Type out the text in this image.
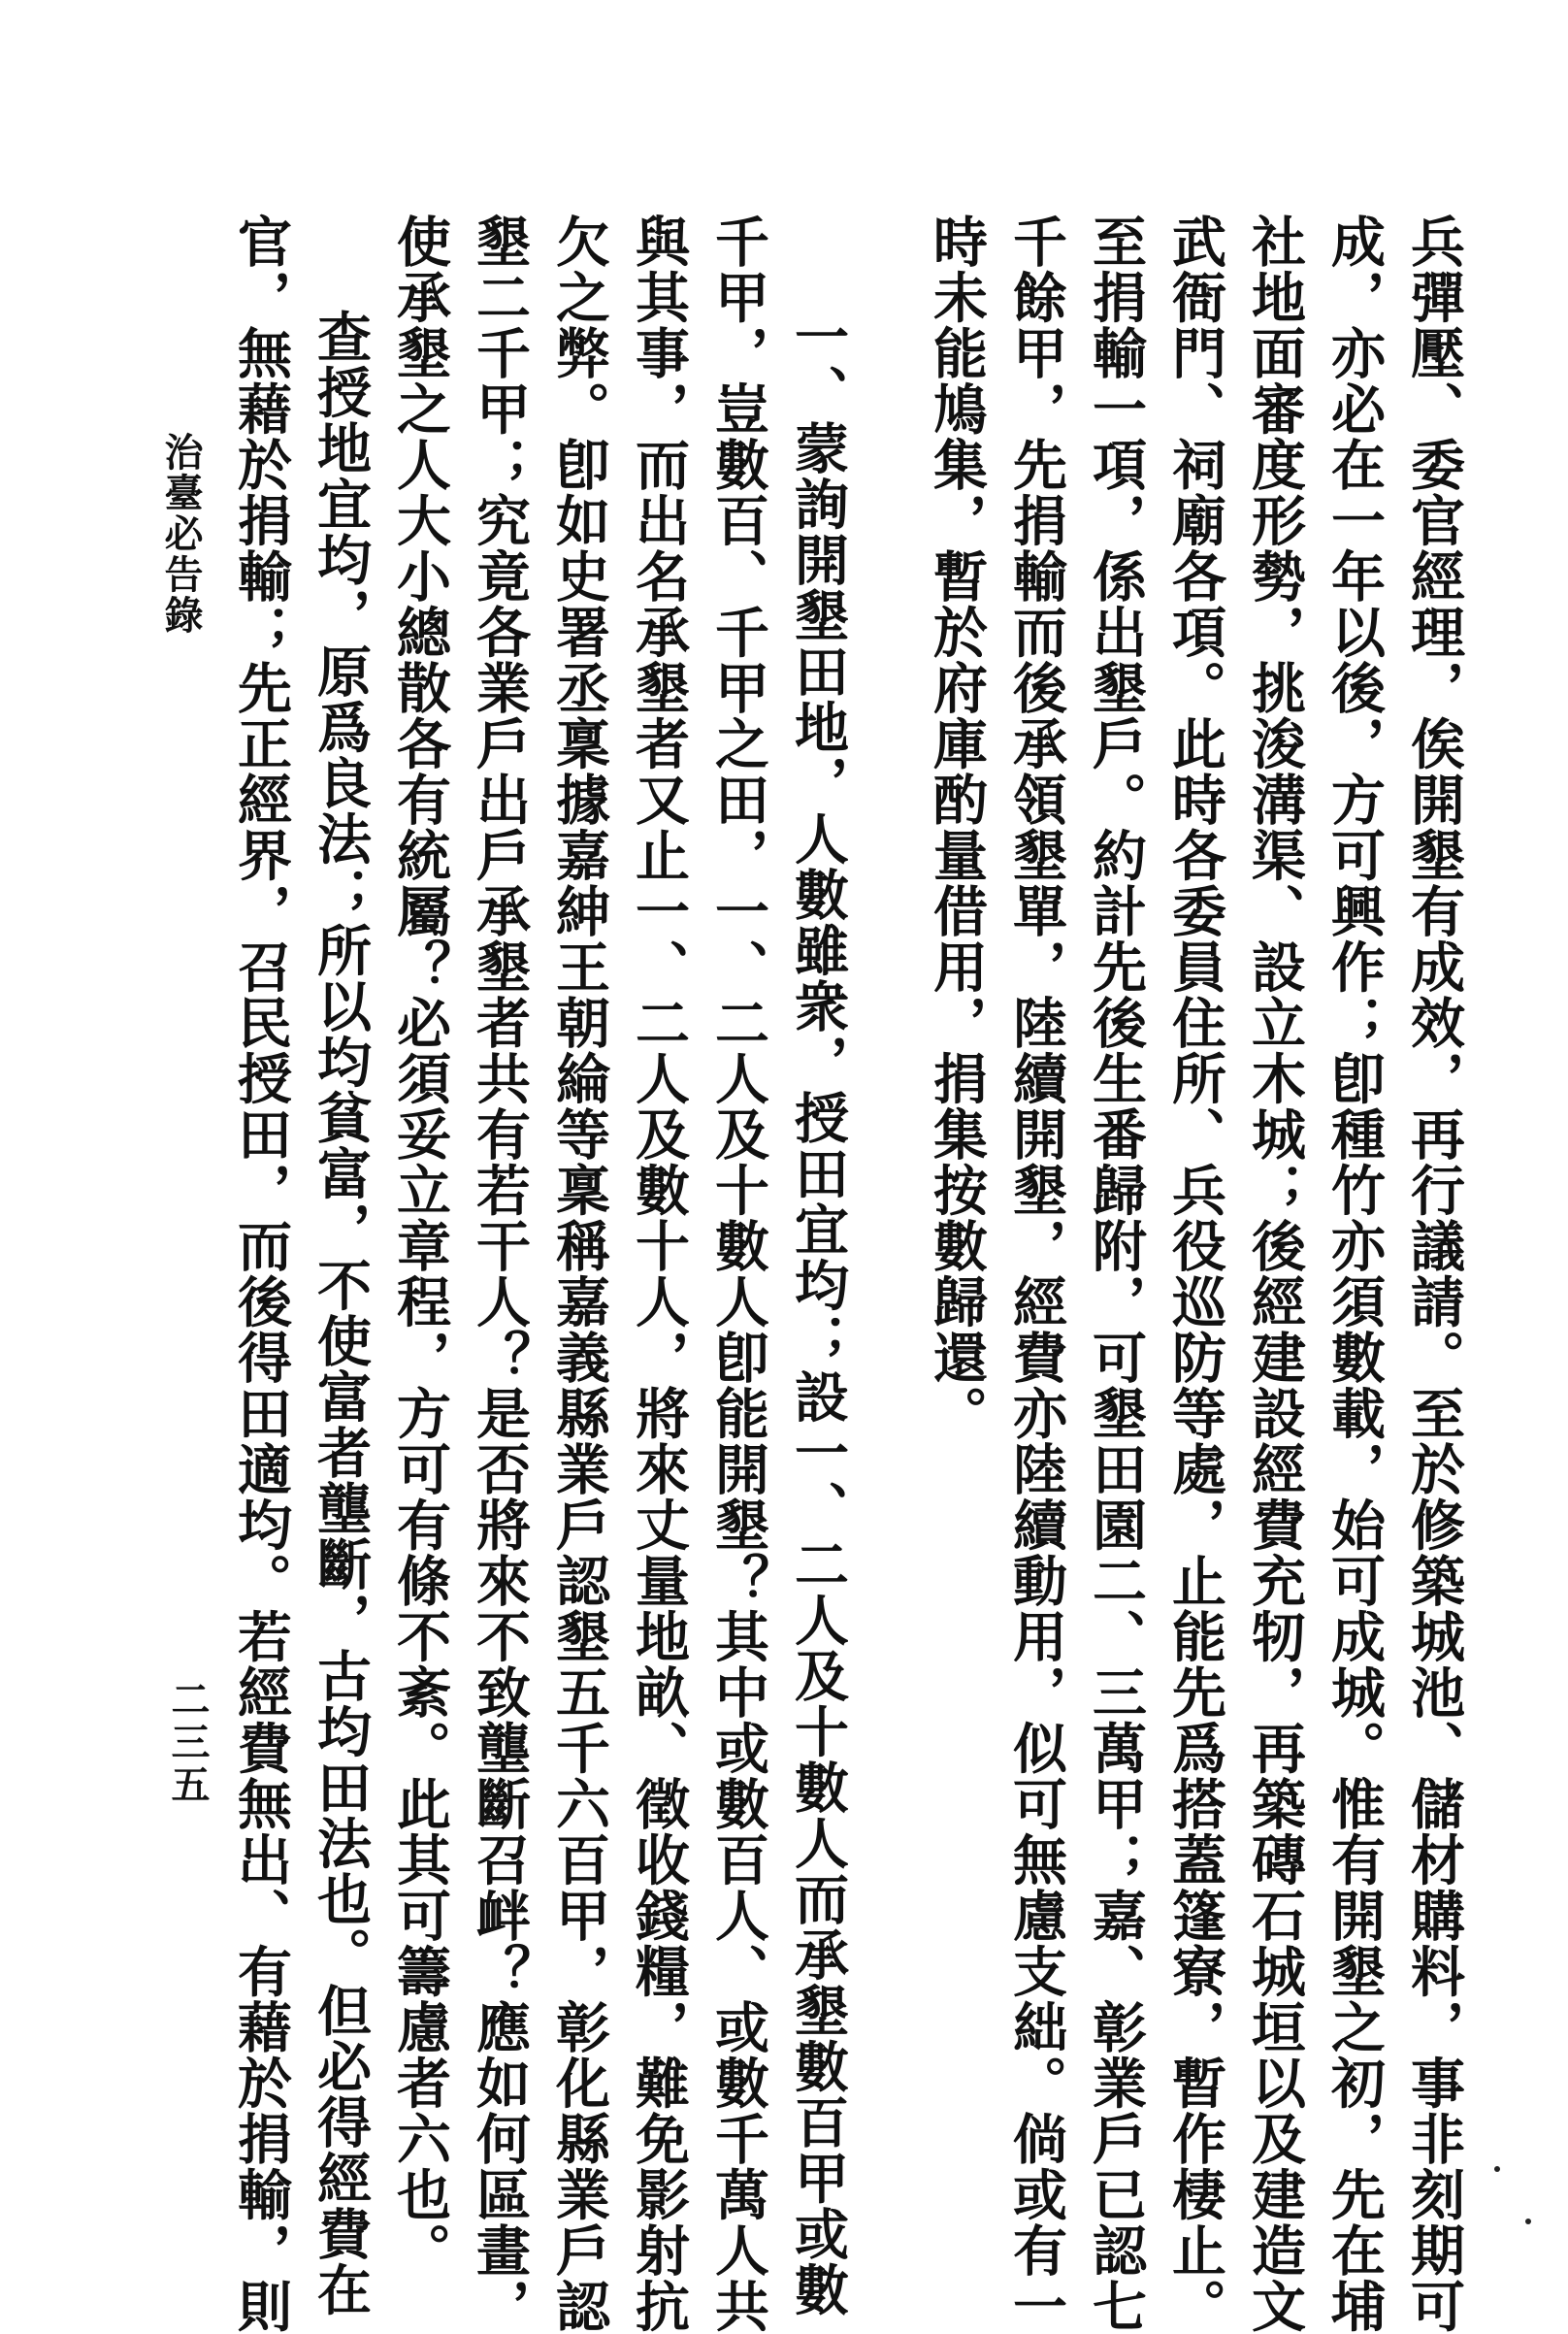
兵彈壓、委官經理，俟開墾有成效，再行議請。至於修築城池、儲材購料，事非刻期可
成，亦必在一年以後，方可興作；卽種竹亦須數載，始可成城。惟有開墾之初，先在埔
社地面審度形勢，挑浚溝渠、設立木城；後經建設經費充牣，再築磚石城垣以及建造文
武衙門、祠廟各項。此時各委員住所、兵役巡防等處，止能先爲搭蓋篷寮，暫作棲止。
至捐輸一項，係出墾戶。約計先後生番歸附，可墾田園二、三萬甲；嘉、彰業戶已認七
千餘甲，先捐輸而後承領墾單，陸續開墾，經費亦陸續動用，似可無慮支絀。倘或有一
時未能鳩集，暫於府庫酌量借用，捐集按數歸還。
一、蒙詢開墾田地，人數雖衆，授田宜均；設一、二人及十數人而承墾數百甲或數
千甲，豈數百、千甲之田，一、二人及十數人卽能開墾？其中或數百人、或數千萬人共
與其事，而出名承墾者又止一、二人及數十人，將來丈量地畝、徵收錢糧，難免影射抗
欠之弊。卽如史署丞稟據嘉紳王朝綸等稟稱嘉義縣業戶認墾五千六百甲，彰化縣業戶認
墾二千甲；究竟各業戶出戶承墾者共有若干人？是否將來不致壟斷召衅？應如何區畫，
使承墾之人大小總散各有統屬？必須妥立章程，方可有條不紊。此其可籌慮者六也。
查授地宜均，原爲良法；所以均貧富，不使富者壟斷，古均田法也。但必得經費在
官，無藉於捐輸；先正經界，召民授田，而後得田適均。若經費無出、有藉於捐輸，則
治臺必告錄
二三五
